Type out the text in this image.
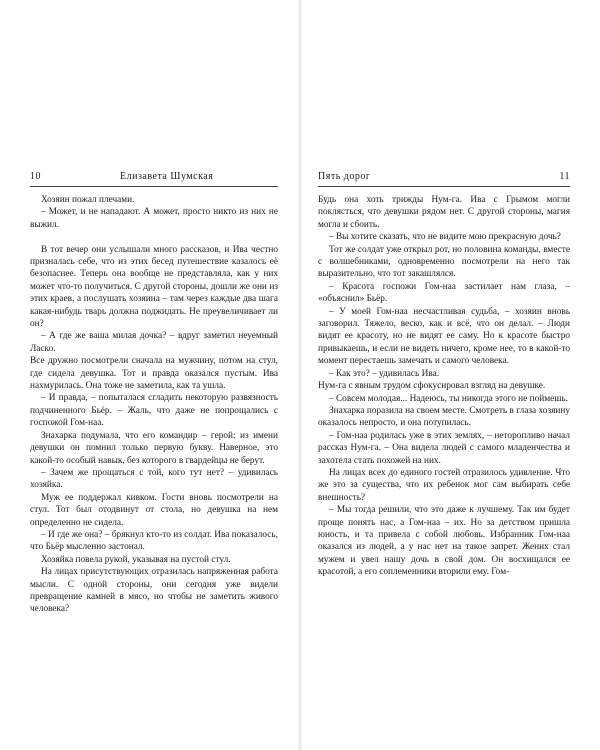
10	Елизавета Шумская

Хозяин пожал плечами.

– Может, и не нападают. А может, просто никто из них не выжил.

В тот вечер они услышали много рассказов, и Ива честно призналась себе, что из этих бесед путешествие казалось её безопаснее. Теперь она вообще не представляла, как у них может что-то получиться. С другой стороны, дошли же они из этих краев, а послушать хозяина – там через каждые два шага какая-нибудь тварь должна поджидать. Не преувеличивает ли он?

– А где же ваша милая дочка? – вдруг заметил неуемный Ласко.

Все дружно посмотрели сначала на мужчину, потом на стул, где сидела девушка. Тот и правда оказался пустым. Ива нахмурилась. Она тоже не заметила, как та ушла.

– И правда, – попыталася сгладить некоторую развязность подчиненного Бьёр. – Жаль, что даже не попрощались с госпожой Гом-наа.

Знахарка подумала, что его командир – герой: из имени девушки он помнил только первую букву. Наверное, это какой-то особый навык, без которого в гвардейцы не берут.

– Зачем же прощаться с той, кого тут нет? – удивилась хозяйка.

Муж ее поддержал кивком. Гости вновь посмотрели на стул. Тот был отодвинут от стола, но девушка на нем определенно не сидела.

– И где же она? – брякнул кто-то из солдат. Ива показалось, что Бьёр мысленно застонал.

Хозяйка повела рукой, указывая на пустой стул.

На лицах присутствующих отразилась напряженная работа мысли. С одной стороны, они сегодня уже видели превращение камней в мясо, но чтобы не заметить живого человека?

Пять дорог	11

Будь она хоть трижды Нум-га. Ива с Грымом могли поклясться, что девушки рядом нет. С другой стороны, магия могла и сбоить.

– Вы хотите сказать, что не видите мою прекрасную дочь?

Тот же солдат уже открыл рот, но половина команды, вместе с волшебниками, одновременно посмотрели на него так выразительно, что тот закашлялся.

– Красота госпожи Гом-наа застилает нам глаза, – «объяснил» Бьёр.

– У моей Гом-наа несчастливая судьба, – хозяин вновь заговорил. Тяжело, веско, как и всё, что он делал. – Люди видят ее красоту, но не видят ее саму. Но к красоте быстро привыкаешь, и если не видеть ничего, кроме нее, то в какой-то момент перестаешь замечать и самого человека.

– Как это? – удивилась Ива.

Нум-га с явным трудом сфокусировал взгляд на девушке.

– Совсем молодая... Надеюсь, ты никогда этого не поймешь.

Знахарка поразила на своем месте. Смотреть в глаза хозяину оказалось непросто, и она потупилась.

– Гом-наа родилась уже в этих землях, – неторопливо начал рассказ Нум-га. – Она видела людей с самого младенчества и захотела стать похожей на них.

На лицах всех до единого гостей отразилось удивление. Что же это за существа, что их ребенок мог сам выбирать себе внешность?

– Мы тогда решили, что это даже к лучшему. Так им будет проще понять нас, а Гом-наа – их. Но за детством пришла юность, и та привела с собой любовь. Избранник Гом-наа оказался из людей, а у нас нет на такое запрет. Жених стал мужем и увел нашу дочь в свой дом. Он восхищался ее красотой, а его соплеменники вторили ему. Гом-
